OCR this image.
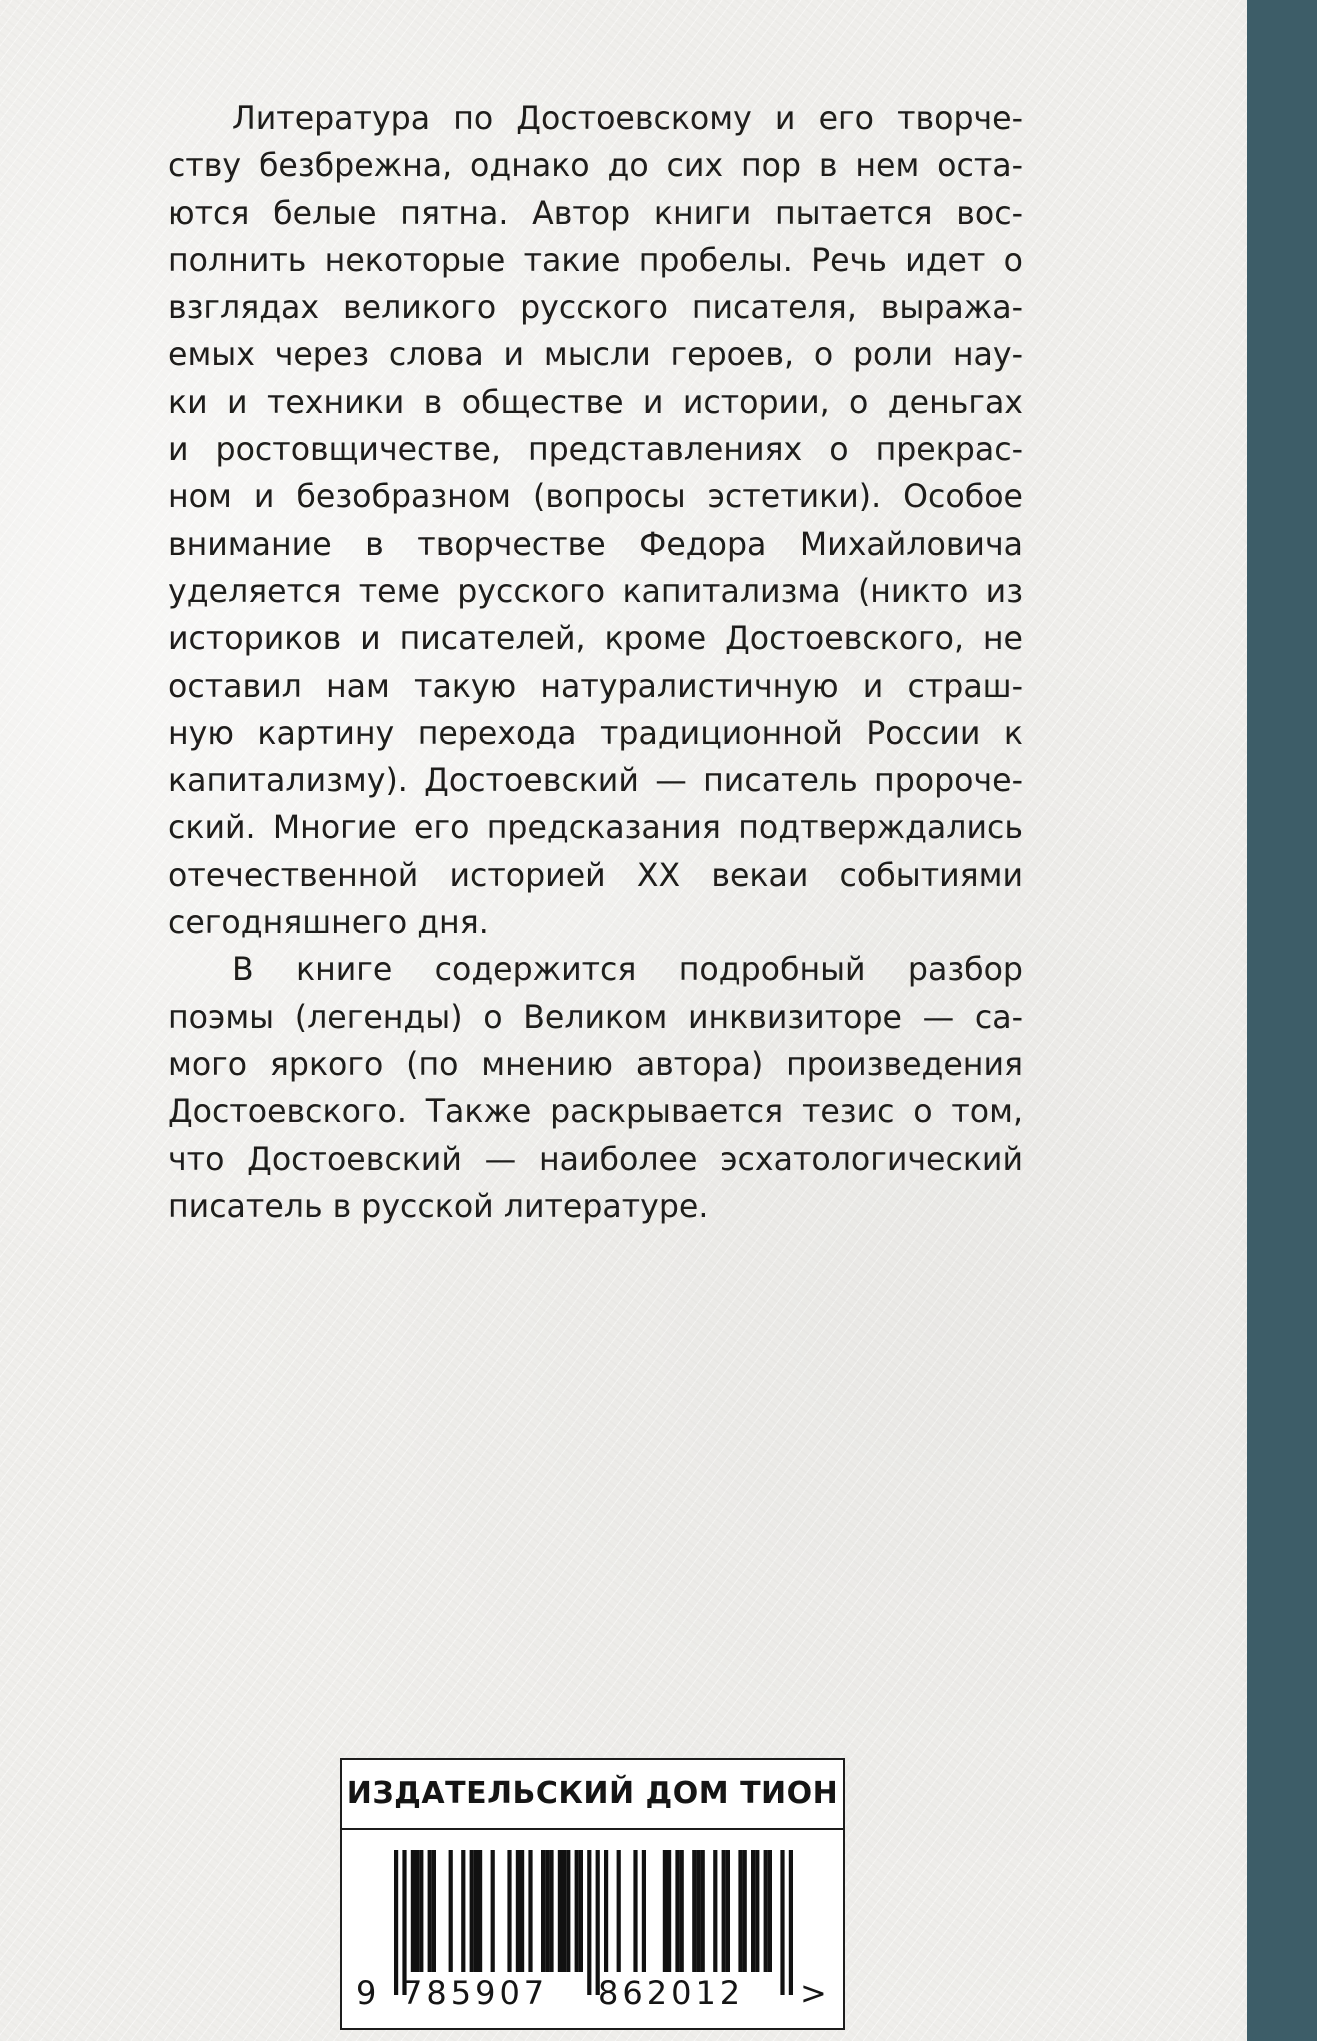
Литература по Достоевскому и его творче-
ству безбрежна, однако до сих пор в нем оста-
ются белые пятна. Автор книги пытается вос-
полнить некоторые такие пробелы. Речь идет о
взглядах великого русского писателя, выража-
емых через слова и мысли героев, о роли нау-
ки и техники в обществе и истории, о деньгах
и ростовщичестве, представлениях о прекрас-
ном и безобразном (вопросы эстетики). Особое
внимание в творчестве Федора Михайловича
уделяется теме русского капитализма (никто из
историков и писателей, кроме Достоевского, не
оставил нам такую натуралистичную и страш-
ную картину перехода традиционной России к
капитализму). Достоевский — писатель пророче-
ский. Многие его предсказания подтверждались
отечественной историей XX векаи событиями
сегодняшнего дня.
В книге содержится подробный разбор
поэмы (легенды) о Великом инквизиторе — са-
мого яркого (по мнению автора) произведения
Достоевского. Также раскрывается тезис о том,
что Достоевский — наиболее эсхатологический
писатель в русской литературе.
ИЗДАТЕЛЬСКИЙ ДОМ ТИОН
9 785907 862012 >
